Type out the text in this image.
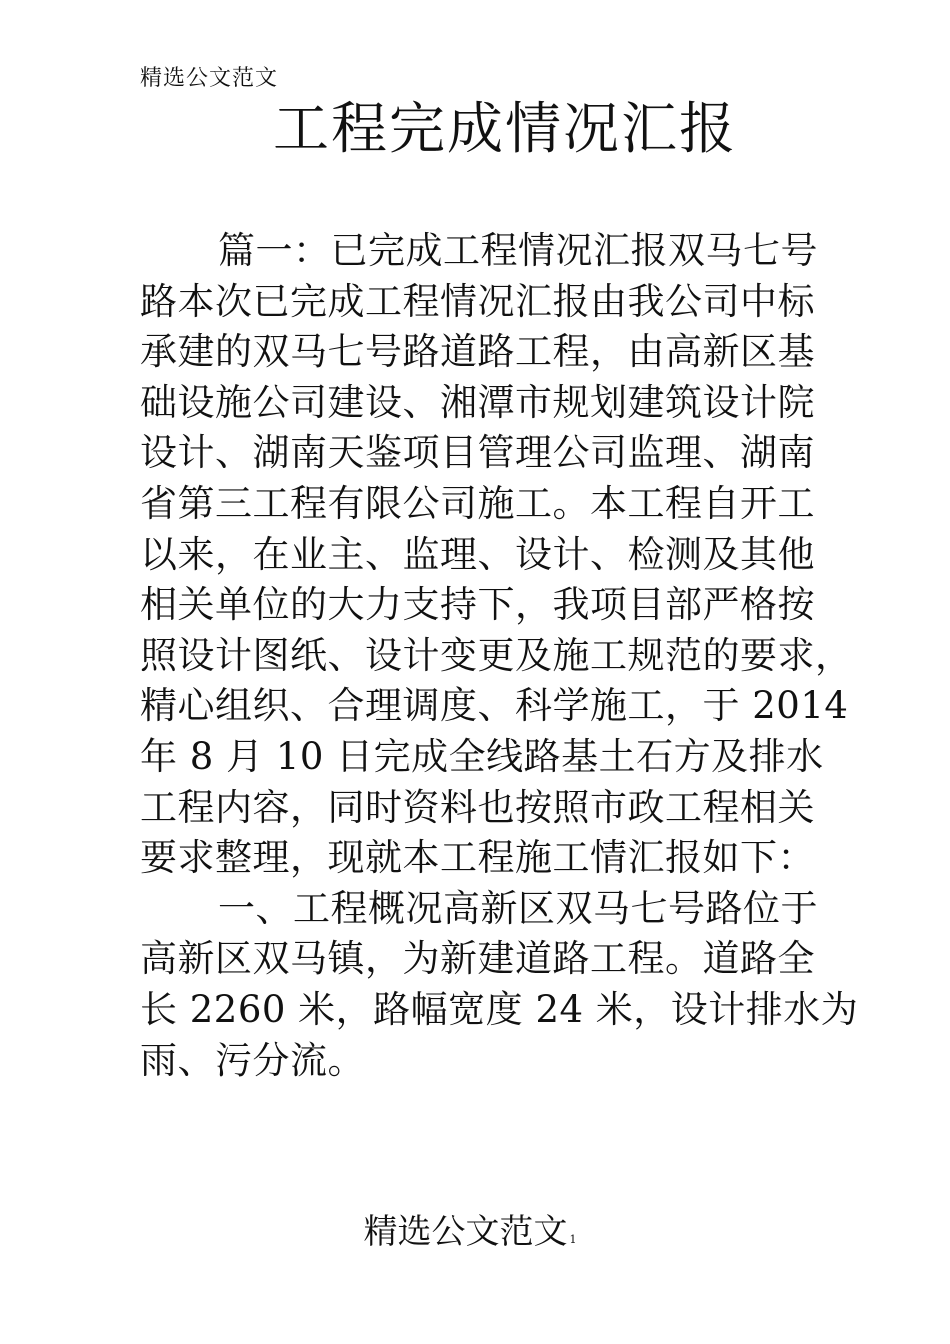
精选公文范文
工程完成情况汇报
篇一：已完成工程情况汇报双马七号
路本次已完成工程情况汇报由我公司中标
承建的双马七号路道路工程，由高新区基
础设施公司建设、湘潭市规划建筑设计院
设计、湖南天鉴项目管理公司监理、湖南
省第三工程有限公司施工。本工程自开工
以来，在业主、监理、设计、检测及其他
相关单位的大力支持下，我项目部严格按
照设计图纸、设计变更及施工规范的要求，
精心组织、合理调度、科学施工，于 2014
年 8 月 10 日完成全线路基土石方及排水
工程内容，同时资料也按照市政工程相关
要求整理，现就本工程施工情汇报如下：
一、工程概况高新区双马七号路位于
高新区双马镇，为新建道路工程。道路全
长 2260 米，路幅宽度 24 米，设计排水为
雨、污分流。
精选公文范文 1
